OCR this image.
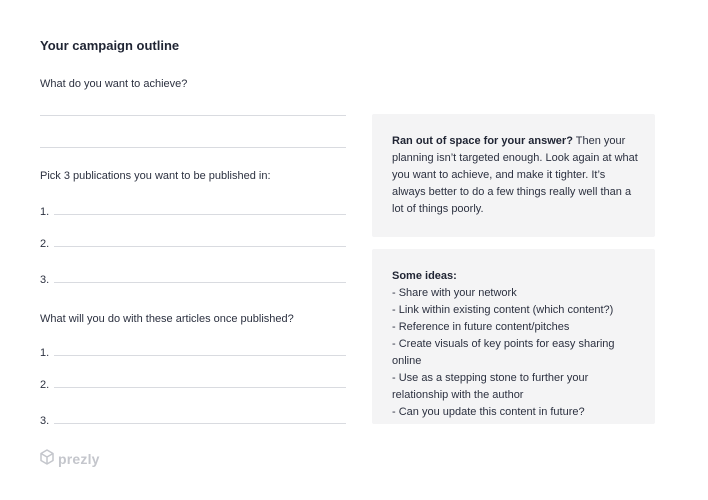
Your campaign outline
What do you want to achieve?
Pick 3 publications you want to be published in:
1.
2.
3.
What will you do with these articles once published?
1.
2.
3.
Ran out of space for your answer? Then your planning isn’t targeted enough. Look again at what you want to achieve, and make it tighter. It’s always better to do a few things really well than a lot of things poorly.
Some ideas:
- Share with your network
- Link within existing content (which content?)
- Reference in future content/pitches
- Create visuals of key points for easy sharing online
- Use as a stepping stone to further your relationship with the author
- Can you update this content in future?
prezly
